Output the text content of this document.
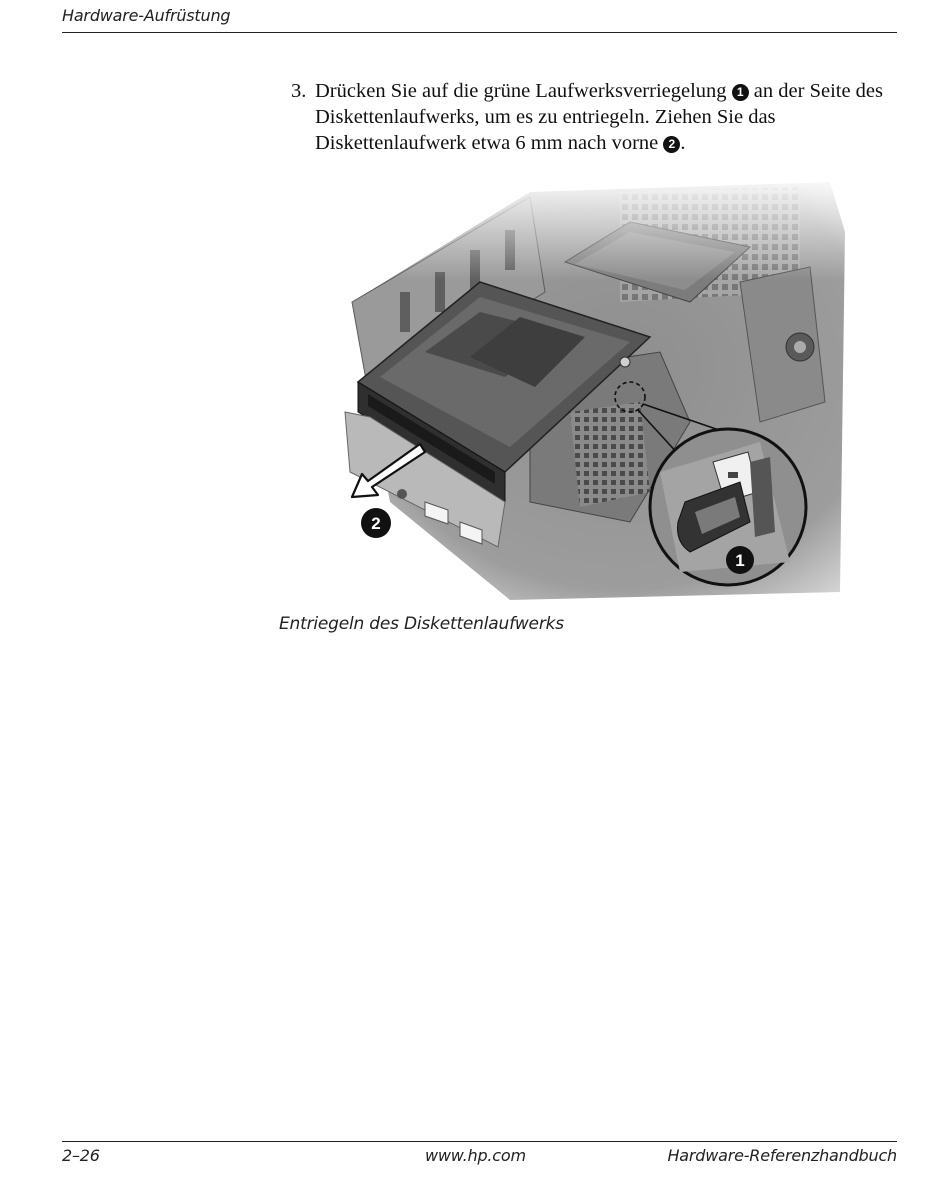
Hardware-Aufrüstung
3. Drücken Sie auf die grüne Laufwerksverriegelung 1 an der Seite des Diskettenlaufwerks, um es zu entriegeln. Ziehen Sie das Diskettenlaufwerk etwa 6 mm nach vorne 2 .
Entriegeln des Diskettenlaufwerks
2–26	www.hp.com	Hardware-Referenzhandbuch
